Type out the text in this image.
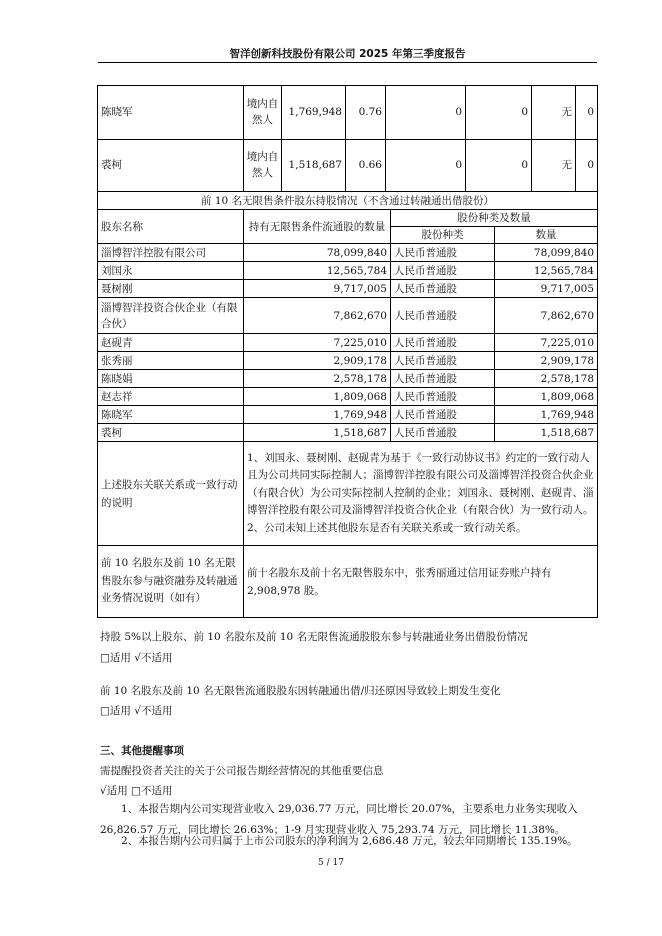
智洋创新科技股份有限公司 2025 年第三季度报告
陈晓军	境内自然人	1,769,948	0.76	0	0	无	0
裘柯	境内自然人	1,518,687	0.66	0	0	无	0
前 10 名无限售条件股东持股情况（不含通过转融通出借股份）			
股东名称	持有无限售条件流通股的数量	股份种类及数量	
		股份种类	数量
淄博智洋控股有限公司	78,099,840	人民币普通股	78,099,840
刘国永	12,565,784	人民币普通股	12,565,784
聂树刚	9,717,005	人民币普通股	9,717,005
淄博智洋投资合伙企业（有限合伙）	7,862,670	人民币普通股	7,862,670
赵砚青	7,225,010	人民币普通股	7,225,010
张秀丽	2,909,178	人民币普通股	2,909,178
陈晓娟	2,578,178	人民币普通股	2,578,178
赵志祥	1,809,068	人民币普通股	1,809,068
陈晓军	1,769,948	人民币普通股	1,769,948
裘柯	1,518,687	人民币普通股	1,518,687
上述股东关联关系或一致行动的说明	1、刘国永、聂树刚、赵砚青为基于《一致行动协议书》约定的一致行动人且为公司共同实际控制人；淄博智洋控股有限公司及淄博智洋投资合伙企业（有限合伙）为公司实际控制人控制的企业；刘国永、聂树刚、赵砚青、淄博智洋控股有限公司及淄博智洋投资合伙企业（有限合伙）为一致行动人。2、公司未知上述其他股东是否有关联关系或一致行动关系。		
前 10 名股东及前 10 名无限售股东参与融资融券及转融通业务情况说明（如有）	前十名股东及前十名无限售股东中，张秀丽通过信用证券账户持有 2,908,978 股。		
持股 5%以上股东、前 10 名股东及前 10 名无限售流通股股东参与转融通业务出借股份情况
□适用 √不适用
前 10 名股东及前 10 名无限售流通股股东因转融通出借/归还原因导致较上期发生变化
□适用 √不适用
三、其他提醒事项
需提醒投资者关注的关于公司报告期经营情况的其他重要信息
√适用 □不适用
1、本报告期内公司实现营业收入 29,036.77 万元，同比增长 20.07%，主要系电力业务实现收入 26,826.57 万元，同比增长 26.63%；1-9 月实现营业收入 75,293.74 万元，同比增长 11.38%。
2、本报告期内公司归属于上市公司股东的净利润为 2,686.48 万元，较去年同期增长 135.19%。
5 / 17
